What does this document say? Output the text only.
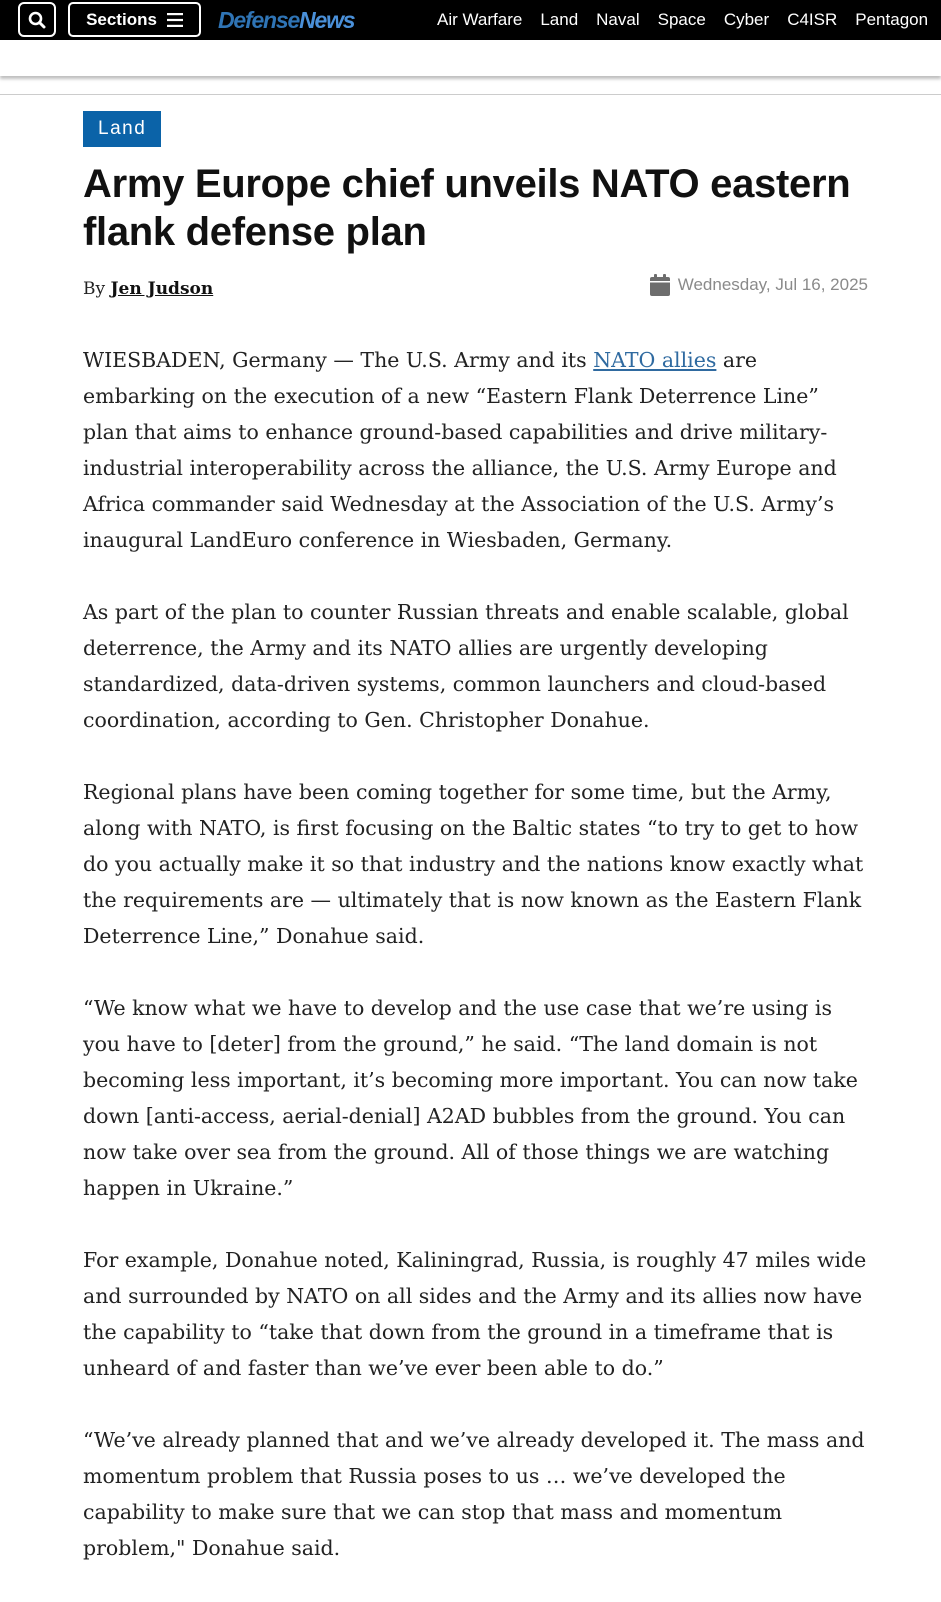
Sections	Defense News	Air Warfare Land Naval Space Cyber C4ISR Pentagon
Land
Army Europe chief unveils NATO eastern flank defense plan
By Jen Judson	Wednesday, Jul 16, 2025

WIESBADEN, Germany — The U.S. Army and its NATO allies are embarking on the execution of a new “Eastern Flank Deterrence Line” plan that aims to enhance ground-based capabilities and drive military-industrial interoperability across the alliance, the U.S. Army Europe and Africa commander said Wednesday at the Association of the U.S. Army’s inaugural LandEuro conference in Wiesbaden, Germany.

As part of the plan to counter Russian threats and enable scalable, global deterrence, the Army and its NATO allies are urgently developing standardized, data-driven systems, common launchers and cloud-based coordination, according to Gen. Christopher Donahue.

Regional plans have been coming together for some time, but the Army, along with NATO, is first focusing on the Baltic states “to try to get to how do you actually make it so that industry and the nations know exactly what the requirements are — ultimately that is now known as the Eastern Flank Deterrence Line,” Donahue said.

“We know what we have to develop and the use case that we’re using is you have to [deter] from the ground,” he said. “The land domain is not becoming less important, it’s becoming more important. You can now take down [anti-access, aerial-denial] A2AD bubbles from the ground. You can now take over sea from the ground. All of those things we are watching happen in Ukraine.”

For example, Donahue noted, Kaliningrad, Russia, is roughly 47 miles wide and surrounded by NATO on all sides and the Army and its allies now have the capability to “take that down from the ground in a timeframe that is unheard of and faster than we’ve ever been able to do.”

“We’ve already planned that and we’ve already developed it. The mass and momentum problem that Russia poses to us … we’ve developed the capability to make sure that we can stop that mass and momentum problem," Donahue said.
